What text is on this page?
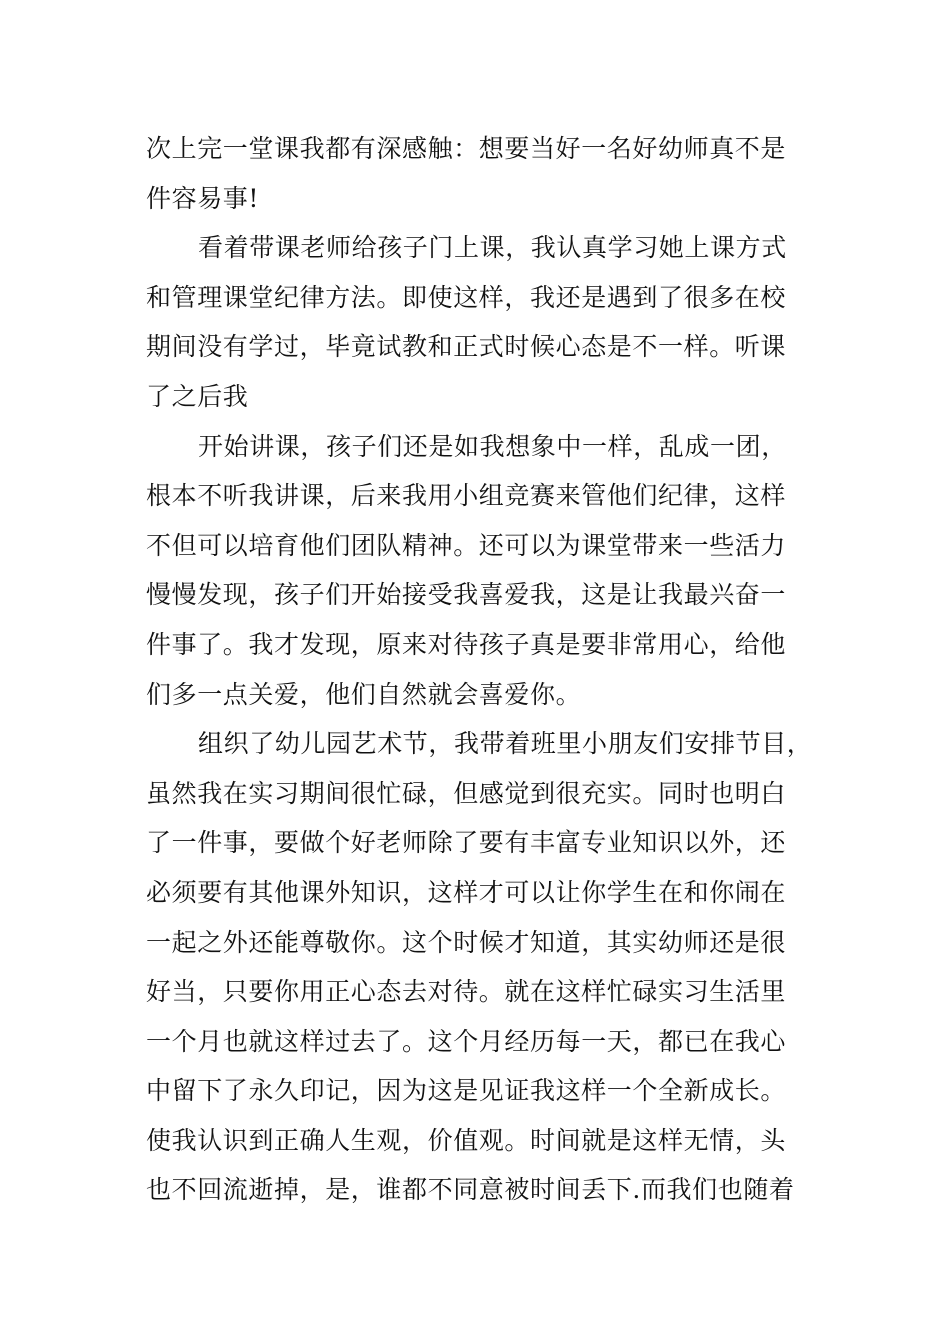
次上完一堂课我都有深感触：想要当好一名好幼师真不是
件容易事!
看着带课老师给孩子门上课，我认真学习她上课方式
和管理课堂纪律方法。即使这样，我还是遇到了很多在校
期间没有学过，毕竟试教和正式时候心态是不一样。听课
了之后我
开始讲课，孩子们还是如我想象中一样，乱成一团，
根本不听我讲课，后来我用小组竞赛来管他们纪律，这样
不但可以培育他们团队精神。还可以为课堂带来一些活力
慢慢发现，孩子们开始接受我喜爱我，这是让我最兴奋一
件事了。我才发现，原来对待孩子真是要非常用心，给他
们多一点关爱，他们自然就会喜爱你。
组织了幼儿园艺术节，我带着班里小朋友们安排节目，
虽然我在实习期间很忙碌，但感觉到很充实。同时也明白
了一件事，要做个好老师除了要有丰富专业知识以外，还
必须要有其他课外知识，这样才可以让你学生在和你闹在
一起之外还能尊敬你。这个时候才知道，其实幼师还是很
好当，只要你用正心态去对待。就在这样忙碌实习生活里
一个月也就这样过去了。这个月经历每一天，都已在我心
中留下了永久印记，因为这是见证我这样一个全新成长。
使我认识到正确人生观，价值观。时间就是这样无情，头
也不回流逝掉，是，谁都不同意被时间丢下.而我们也随着
